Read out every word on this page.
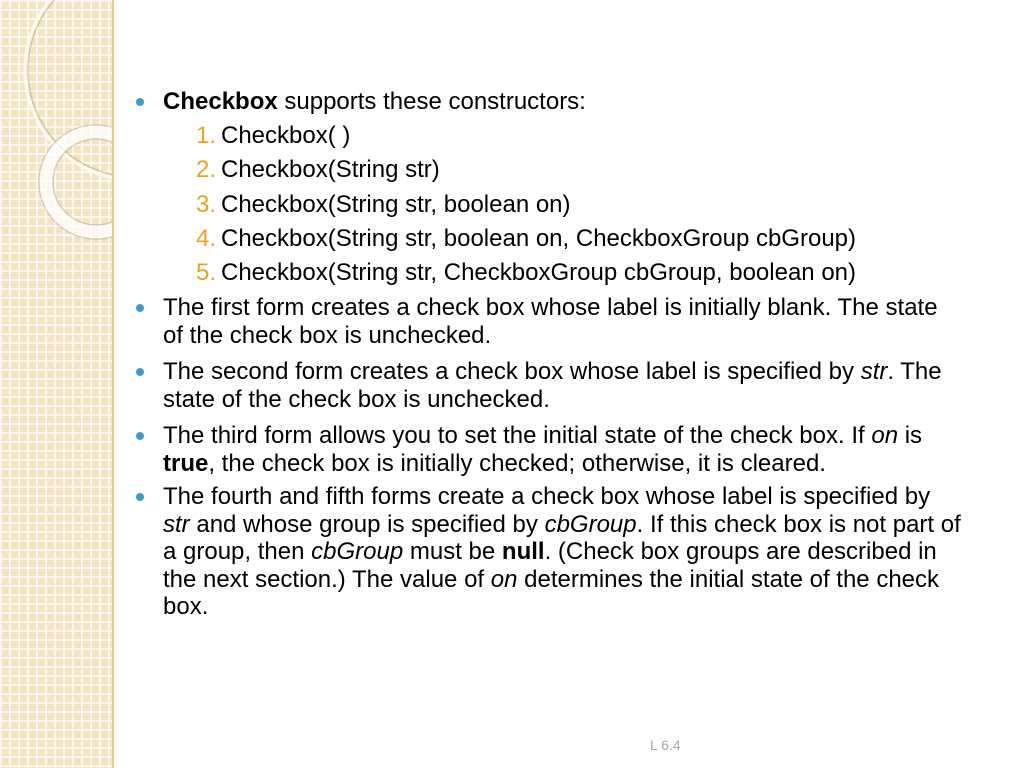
Checkbox supports these constructors:
1. Checkbox( )
2. Checkbox(String str)
3. Checkbox(String str, boolean on)
4. Checkbox(String str, boolean on, CheckboxGroup cbGroup)
5. Checkbox(String str, CheckboxGroup cbGroup, boolean on)
The first form creates a check box whose label is initially blank. The state
of the check box is unchecked.
The second form creates a check box whose label is specified by str. The
state of the check box is unchecked.
The third form allows you to set the initial state of the check box. If on is
true, the check box is initially checked; otherwise, it is cleared.
The fourth and fifth forms create a check box whose label is specified by
str and whose group is specified by cbGroup. If this check box is not part of
a group, then cbGroup must be null. (Check box groups are described in
the next section.) The value of on determines the initial state of the check
box.
L 6.4
